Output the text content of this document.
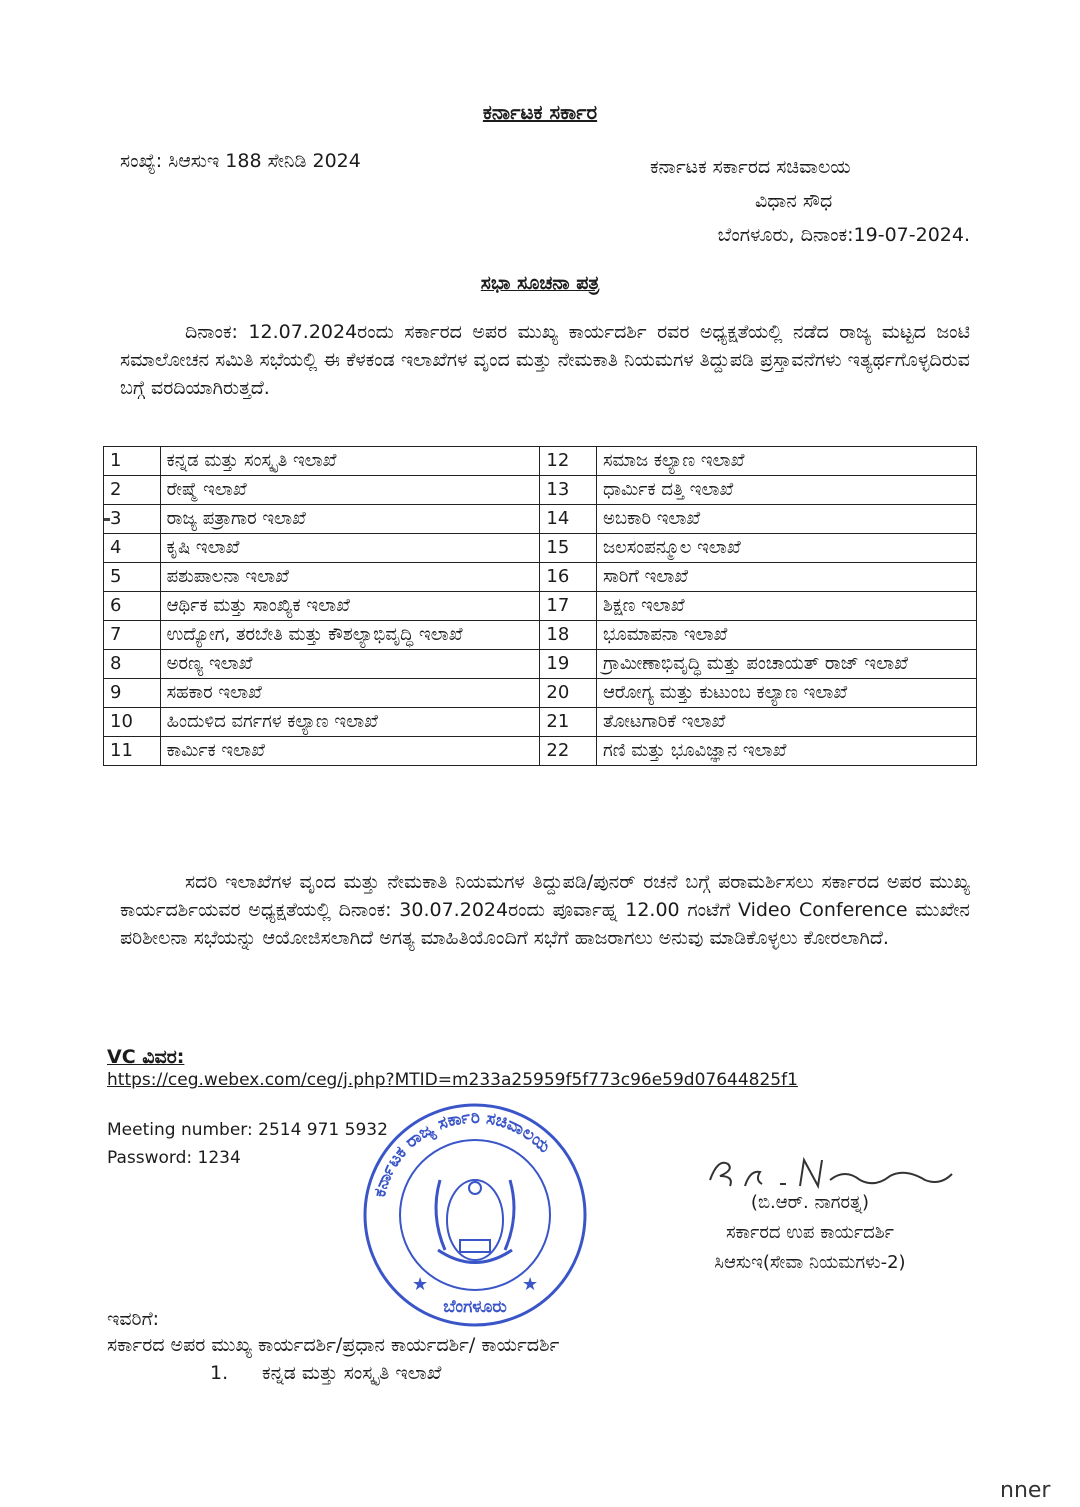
ಕರ್ನಾಟಕ ಸರ್ಕಾರ
ಸಂಖ್ಯೆ: ಸಿಆಸುಇ 188 ಸೇನಿಡಿ 2024	ಕರ್ನಾಟಕ ಸರ್ಕಾರದ ಸಚಿವಾಲಯ
ವಿಧಾನ ಸೌಧ
ಬೆಂಗಳೂರು, ದಿನಾಂಕ:19-07-2024.
ಸಭಾ ಸೂಚನಾ ಪತ್ರ
ದಿನಾಂಕ: 12.07.2024ರಂದು ಸರ್ಕಾರದ ಅಪರ ಮುಖ್ಯ ಕಾರ್ಯದರ್ಶಿ ರವರ ಅಧ್ಯಕ್ಷತೆಯಲ್ಲಿ ನಡೆದ ರಾಜ್ಯ ಮಟ್ಟದ ಜಂಟಿ ಸಮಾಲೋಚನ ಸಮಿತಿ ಸಭೆಯಲ್ಲಿ ಈ ಕೆಳಕಂಡ ಇಲಾಖೆಗಳ ವೃಂದ ಮತ್ತು ನೇಮಕಾತಿ ನಿಯಮಗಳ ತಿದ್ದುಪಡಿ ಪ್ರಸ್ತಾವನೆಗಳು ಇತ್ಯರ್ಥಗೊಳ್ಳದಿರುವ ಬಗ್ಗೆ ವರದಿಯಾಗಿರುತ್ತದೆ.
1	ಕನ್ನಡ ಮತ್ತು ಸಂಸ್ಕೃತಿ ಇಲಾಖೆ	12	ಸಮಾಜ ಕಲ್ಯಾಣ ಇಲಾಖೆ
2	ರೇಷ್ಮೆ ಇಲಾಖೆ	13	ಧಾರ್ಮಿಕ ದತ್ತಿ ಇಲಾಖೆ
3	ರಾಜ್ಯ ಪತ್ರಾಗಾರ ಇಲಾಖೆ	14	ಅಬಕಾರಿ ಇಲಾಖೆ
4	ಕೃಷಿ ಇಲಾಖೆ	15	ಜಲಸಂಪನ್ಮೂಲ ಇಲಾಖೆ
5	ಪಶುಪಾಲನಾ ಇಲಾಖೆ	16	ಸಾರಿಗೆ ಇಲಾಖೆ
6	ಆರ್ಥಿಕ ಮತ್ತು ಸಾಂಖ್ಯಿಕ ಇಲಾಖೆ	17	ಶಿಕ್ಷಣ ಇಲಾಖೆ
7	ಉದ್ಯೋಗ, ತರಬೇತಿ ಮತ್ತು ಕೌಶಲ್ಯಾಭಿವೃದ್ಧಿ ಇಲಾಖೆ	18	ಭೂಮಾಪನಾ ಇಲಾಖೆ
8	ಅರಣ್ಯ ಇಲಾಖೆ	19	ಗ್ರಾಮೀಣಾಭಿವೃದ್ಧಿ ಮತ್ತು ಪಂಚಾಯತ್ ರಾಜ್ ಇಲಾಖೆ
9	ಸಹಕಾರ ಇಲಾಖೆ	20	ಆರೋಗ್ಯ ಮತ್ತು ಕುಟುಂಬ ಕಲ್ಯಾಣ ಇಲಾಖೆ
10	ಹಿಂದುಳಿದ ವರ್ಗಗಳ ಕಲ್ಯಾಣ ಇಲಾಖೆ	21	ತೋಟಗಾರಿಕೆ ಇಲಾಖೆ
11	ಕಾರ್ಮಿಕ ಇಲಾಖೆ	22	ಗಣಿ ಮತ್ತು ಭೂವಿಜ್ಞಾನ ಇಲಾಖೆ
ಸದರಿ ಇಲಾಖೆಗಳ ವೃಂದ ಮತ್ತು ನೇಮಕಾತಿ ನಿಯಮಗಳ ತಿದ್ದುಪಡಿ/ಪುನರ್ ರಚನೆ ಬಗ್ಗೆ ಪರಾಮರ್ಶಿಸಲು ಸರ್ಕಾರದ ಅಪರ ಮುಖ್ಯ ಕಾರ್ಯದರ್ಶಿಯವರ ಅಧ್ಯಕ್ಷತೆಯಲ್ಲಿ ದಿನಾಂಕ: 30.07.2024ರಂದು ಪೂರ್ವಾಹ್ನ 12.00 ಗಂಟೆಗೆ Video Conference ಮುಖೇನ ಪರಿಶೀಲನಾ ಸಭೆಯನ್ನು ಆಯೋಜಿಸಲಾಗಿದೆ ಅಗತ್ಯ ಮಾಹಿತಿಯೊಂದಿಗೆ ಸಭೆಗೆ ಹಾಜರಾಗಲು ಅನುವು ಮಾಡಿಕೊಳ್ಳಲು ಕೋರಲಾಗಿದೆ.
VC ವಿವರ:
https://ceg.webex.com/ceg/j.php?MTID=m233a25959f5f773c96e59d07644825f1
Meeting number: 2514 971 5932
Password: 1234
ಕರ್ನಾಟಕ ರಾಜ್ಯ ಸರ್ಕಾರಿ ಸಚಿವಾಲಯ
ಬೆಂಗಳೂರು
★	★
B.R. Nagarathna
(ಬಿ.ಆರ್. ನಾಗರತ್ನ)
ಸರ್ಕಾರದ ಉಪ ಕಾರ್ಯದರ್ಶಿ
ಸಿಆಸುಇ(ಸೇವಾ ನಿಯಮಗಳು-2)
ಇವರಿಗೆ:
ಸರ್ಕಾರದ ಅಪರ ಮುಖ್ಯ ಕಾರ್ಯದರ್ಶಿ/ಪ್ರಧಾನ ಕಾರ್ಯದರ್ಶಿ/ ಕಾರ್ಯದರ್ಶಿ
1. ಕನ್ನಡ ಮತ್ತು ಸಂಸ್ಕೃತಿ ಇಲಾಖೆ
nner
